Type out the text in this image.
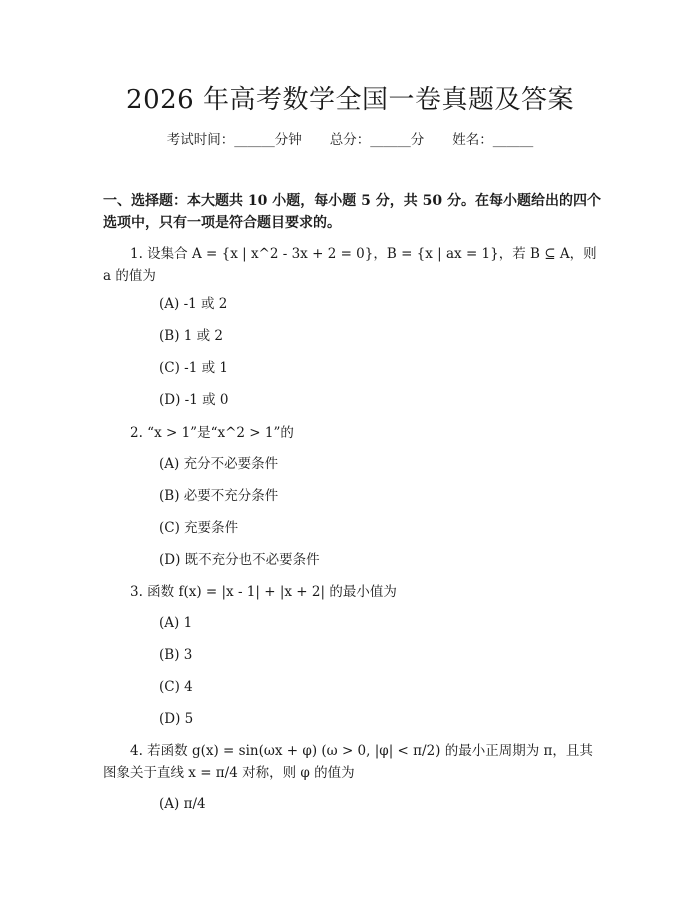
2026 年高考数学全国一卷真题及答案
考试时间：______分钟 总分：______分 姓名：______
一、选择题：本大题共 10 小题，每小题 5 分，共 50 分。在每小题给出的四个选项中，只有一项是符合题目要求的。
1. 设集合 A = {x | x^2 - 3x + 2 = 0}，B = {x | ax = 1}，若 B ⊆ A，则 a 的值为
(A) -1 或 2
(B) 1 或 2
(C) -1 或 1
(D) -1 或 0
2. “x > 1”是“x^2 > 1”的
(A) 充分不必要条件
(B) 必要不充分条件
(C) 充要条件
(D) 既不充分也不必要条件
3. 函数 f(x) = |x - 1| + |x + 2| 的最小值为
(A) 1
(B) 3
(C) 4
(D) 5
4. 若函数 g(x) = sin(ωx + φ) (ω > 0, |φ| < π/2) 的最小正周期为 π，且其图象关于直线 x = π/4 对称，则 φ 的值为
(A) π/4
